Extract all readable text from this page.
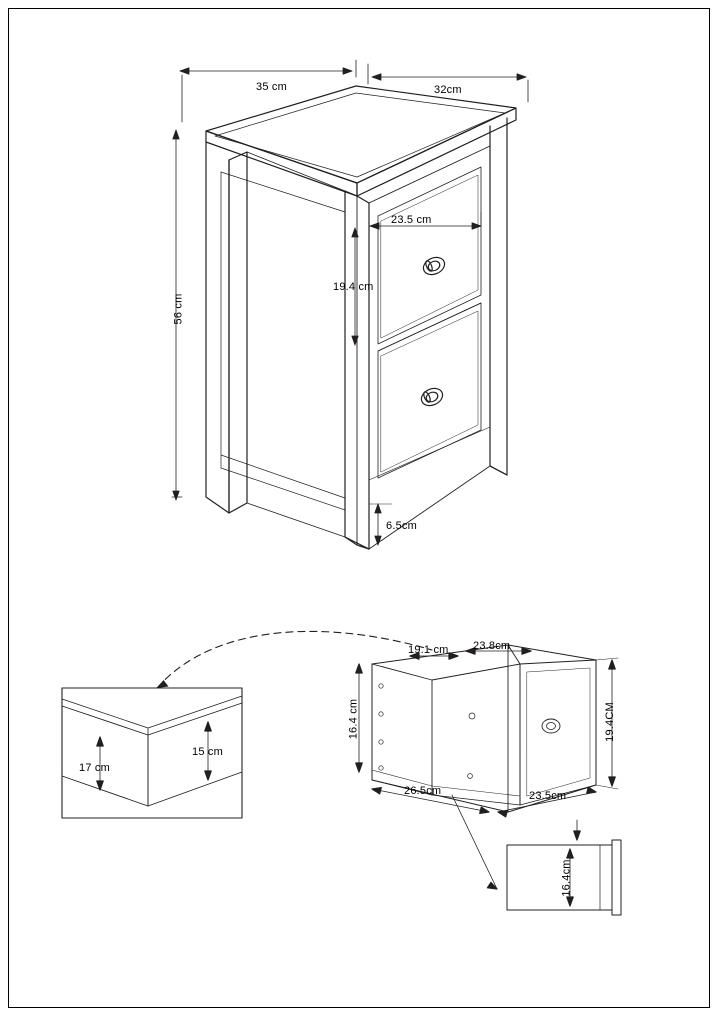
35 cm	32cm
56 cm
23.5 cm
19.4 cm
6.5cm
17 cm
15 cm
19.1 cm 23.8cm
16.4 cm	19.4CM
26.5cm	23.5cm
16.4cm
